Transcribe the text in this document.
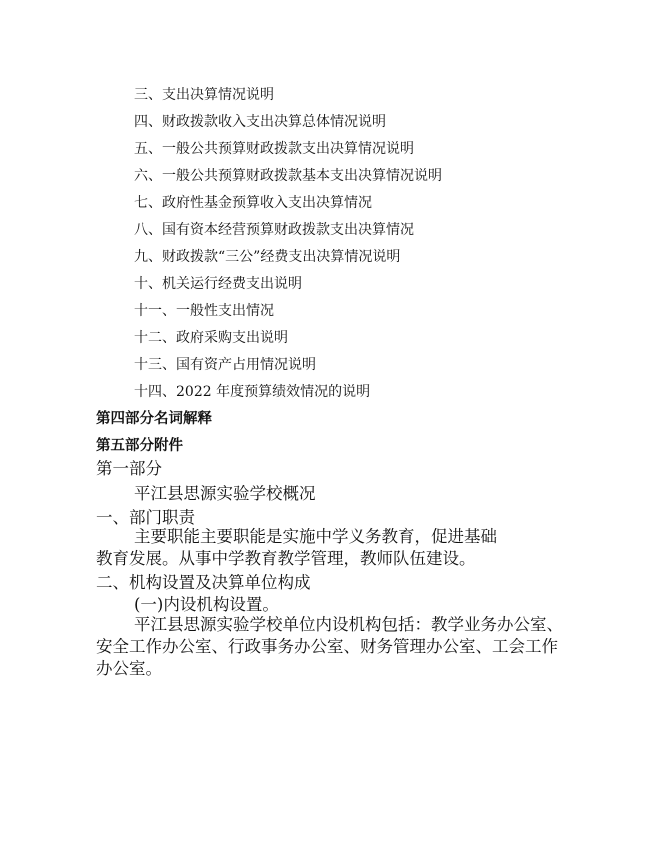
三、支出决算情况说明
四、财政拨款收入支出决算总体情况说明
五、一般公共预算财政拨款支出决算情况说明
六、一般公共预算财政拨款基本支出决算情况说明
七、政府性基金预算收入支出决算情况
八、国有资本经营预算财政拨款支出决算情况
九、财政拨款“三公”经费支出决算情况说明
十、机关运行经费支出说明
十一、一般性支出情况
十二、政府采购支出说明
十三、国有资产占用情况说明
十四、2022 年度预算绩效情况的说明
第四部分名词解释
第五部分附件
第一部分
平江县思源实验学校概况
一、部门职责
主要职能主要职能是实施中学义务教育，促进基础
教育发展。从事中学教育教学管理，教师队伍建设。
二、机构设置及决算单位构成
(一)内设机构设置。
平江县思源实验学校单位内设机构包括：教学业务办公室、
安全工作办公室、行政事务办公室、财务管理办公室、工会工作
办公室。
